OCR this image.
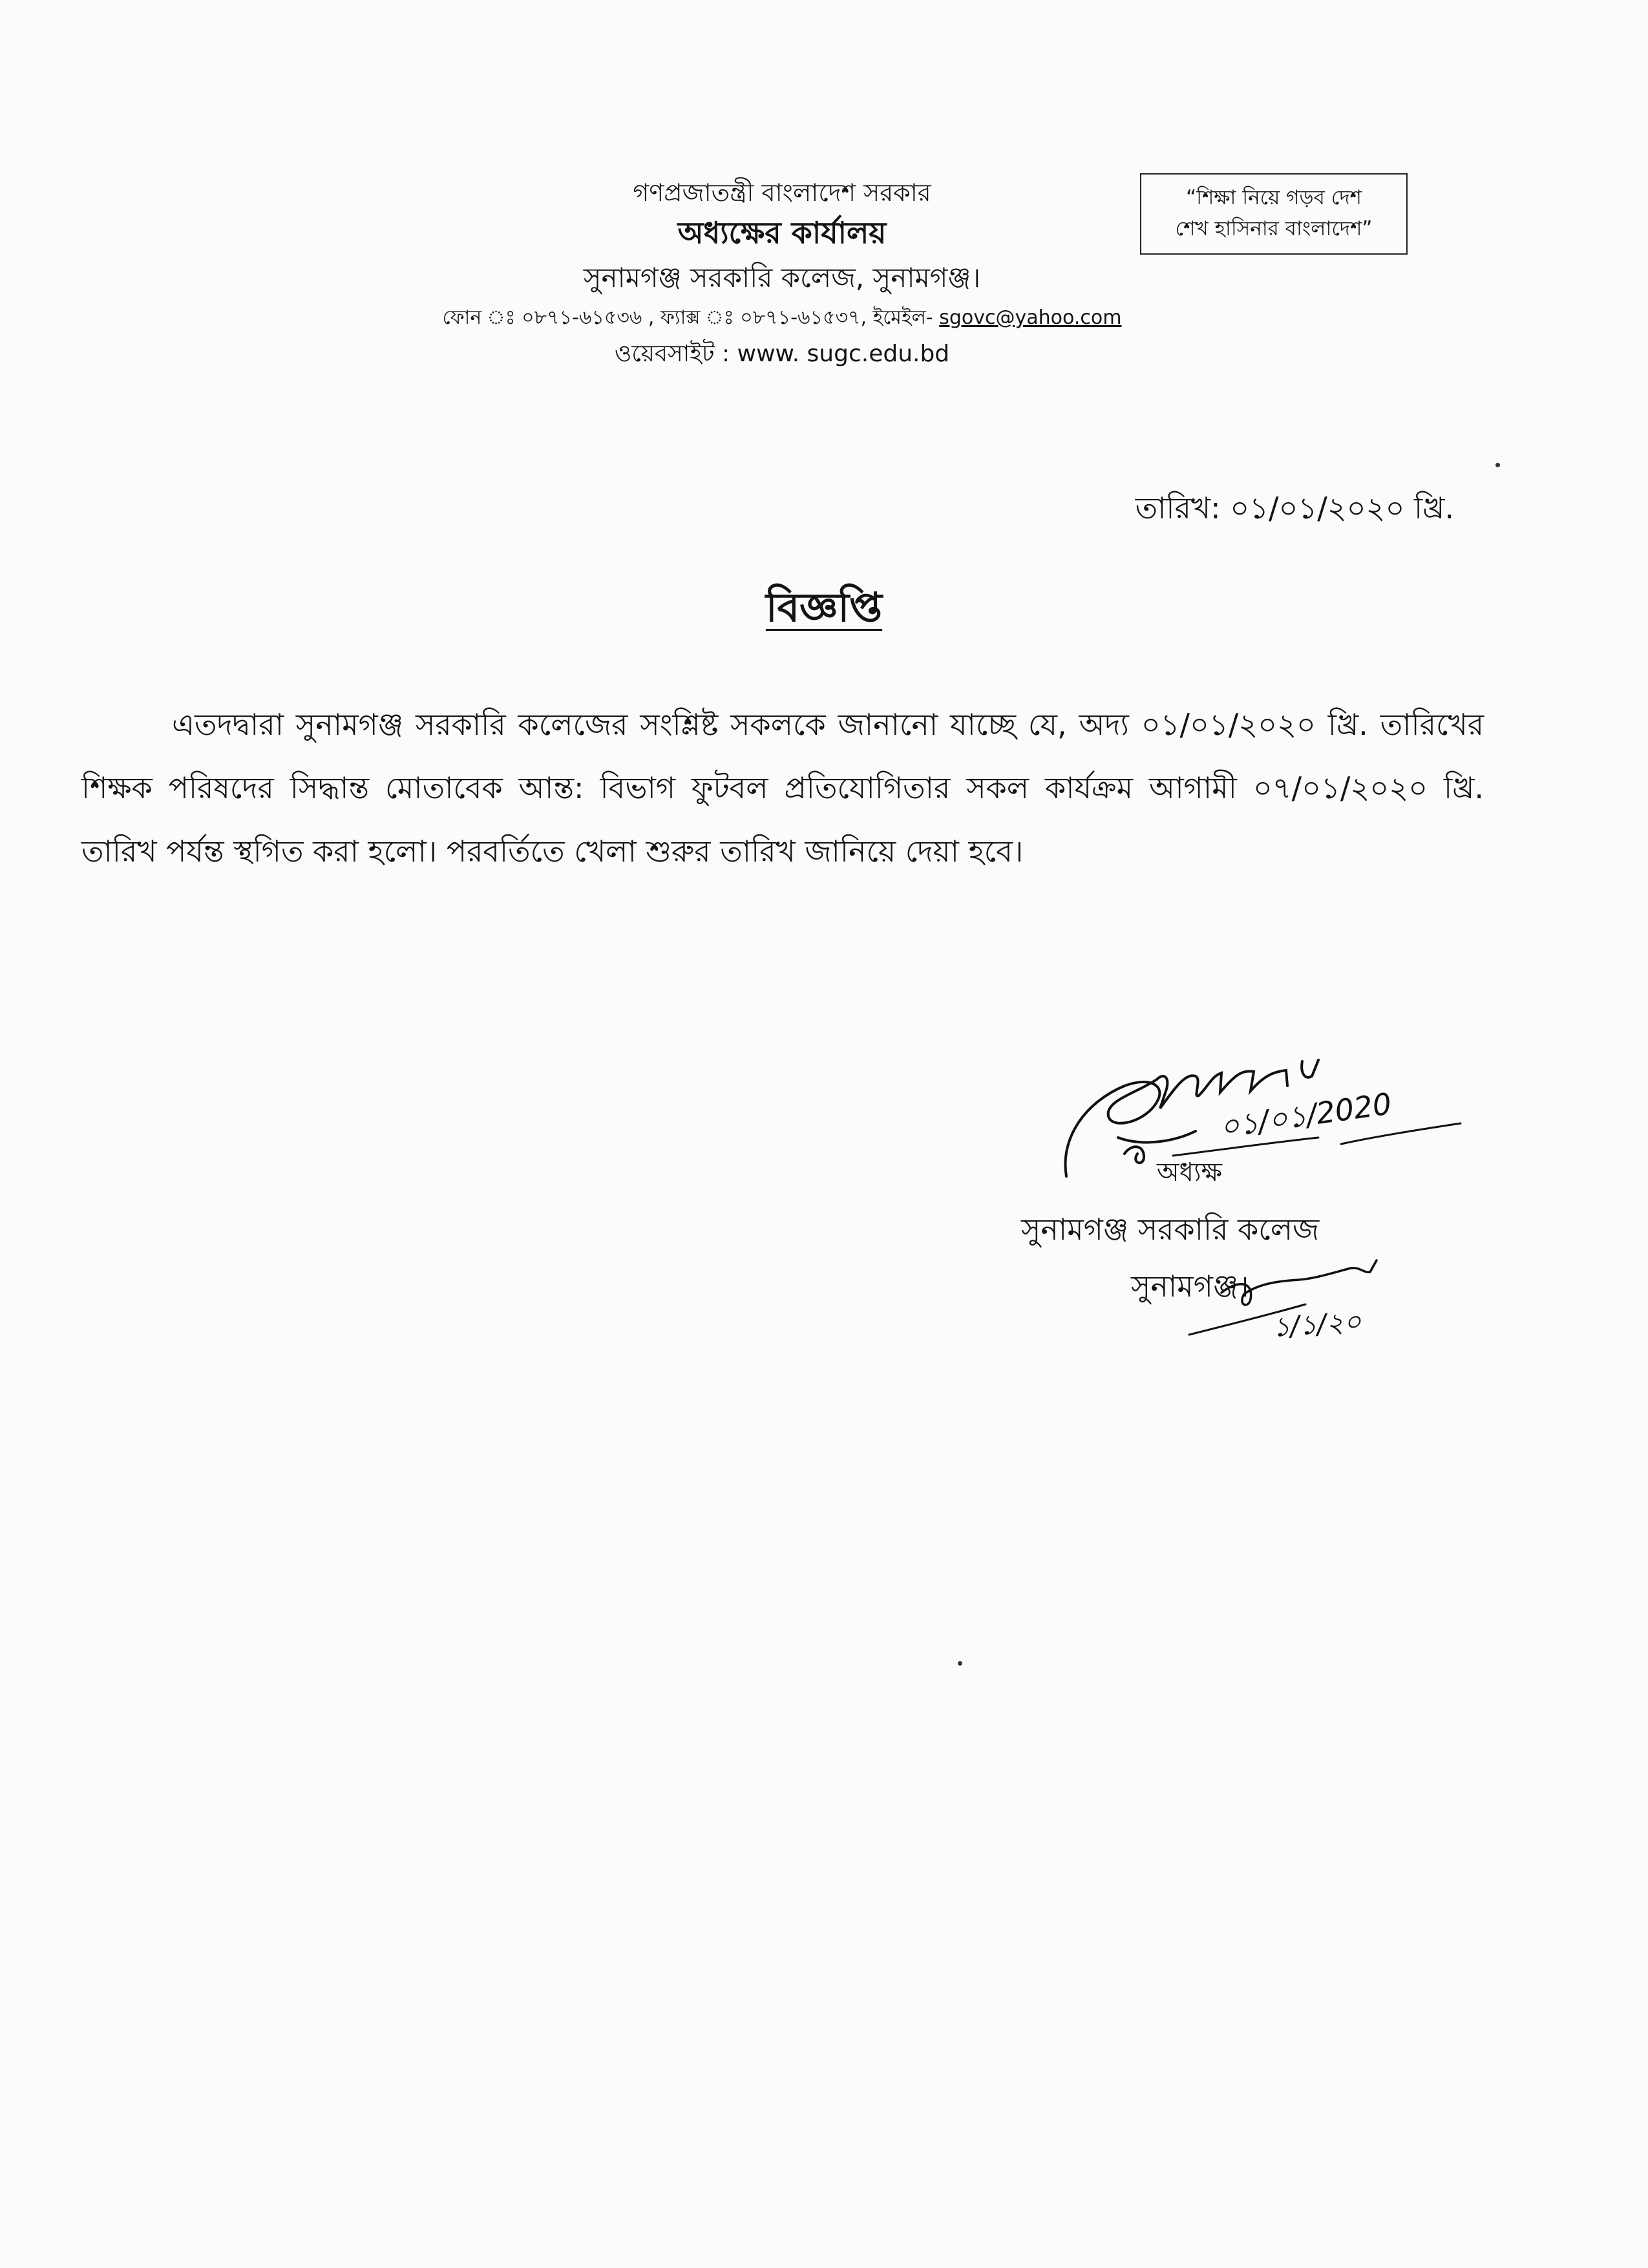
গণপ্রজাতন্ত্রী বাংলাদেশ সরকার
অধ্যক্ষের কার্যালয়
সুনামগঞ্জ সরকারি কলেজ, সুনামগঞ্জ।
ফোন ঃ ০৮৭১-৬১৫৩৬ , ফ্যাক্স ঃ ০৮৭১-৬১৫৩৭, ইমেইল- sgovc@yahoo.com
ওয়েবসাইট : www. sugc.edu.bd
“শিক্ষা নিয়ে গড়ব দেশ
শেখ হাসিনার বাংলাদেশ”
তারিখ: ০১/০১/২০২০ খ্রি.
বিজ্ঞপ্তি
এতদদ্বারা সুনামগঞ্জ সরকারি কলেজের সংশ্লিষ্ট সকলকে জানানো যাচ্ছে যে, অদ্য ০১/০১/২০২০ খ্রি. তারিখের শিক্ষক পরিষদের সিদ্ধান্ত মোতাবেক আন্ত: বিভাগ ফুটবল প্রতিযোগিতার সকল কার্যক্রম আগামী ০৭/০১/২০২০ খ্রি. তারিখ পর্যন্ত স্থগিত করা হলো। পরবর্তিতে খেলা শুরুর তারিখ জানিয়ে দেয়া হবে।
০১/০১/2020
অধ্যক্ষ
সুনামগঞ্জ সরকারি কলেজ
সুনামগঞ্জ।
১/১/২০
